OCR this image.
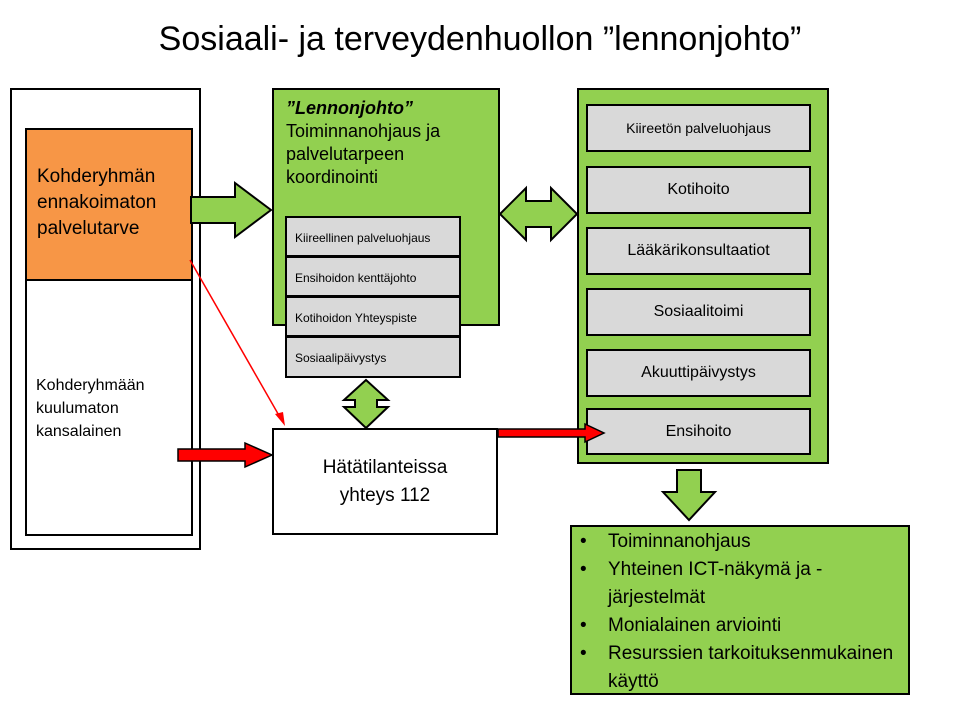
Sosiaali- ja terveydenhuollon ”lennonjohto”
Kohderyhmän ennakoimaton palvelutarve
Kohderyhmään kuulumaton kansalainen
”Lennonjohto”
Toiminnanohjaus ja palvelutarpeen koordinointi
Kiireellinen palveluohjaus
Ensihoidon kenttäjohto
Kotihoidon Yhteyspiste
Sosiaalipäivystys
Hätätilanteissa
yhteys 112
Kiireetön palveluohjaus
Kotihoito
Lääkärikonsultaatiot
Sosiaalitoimi
Akuuttipäivystys
Ensihoito
• Toiminnanohjaus
• Yhteinen ICT-näkymä ja -järjestelmät
• Monialainen arviointi
• Resurssien tarkoituksenmukainen käyttö
